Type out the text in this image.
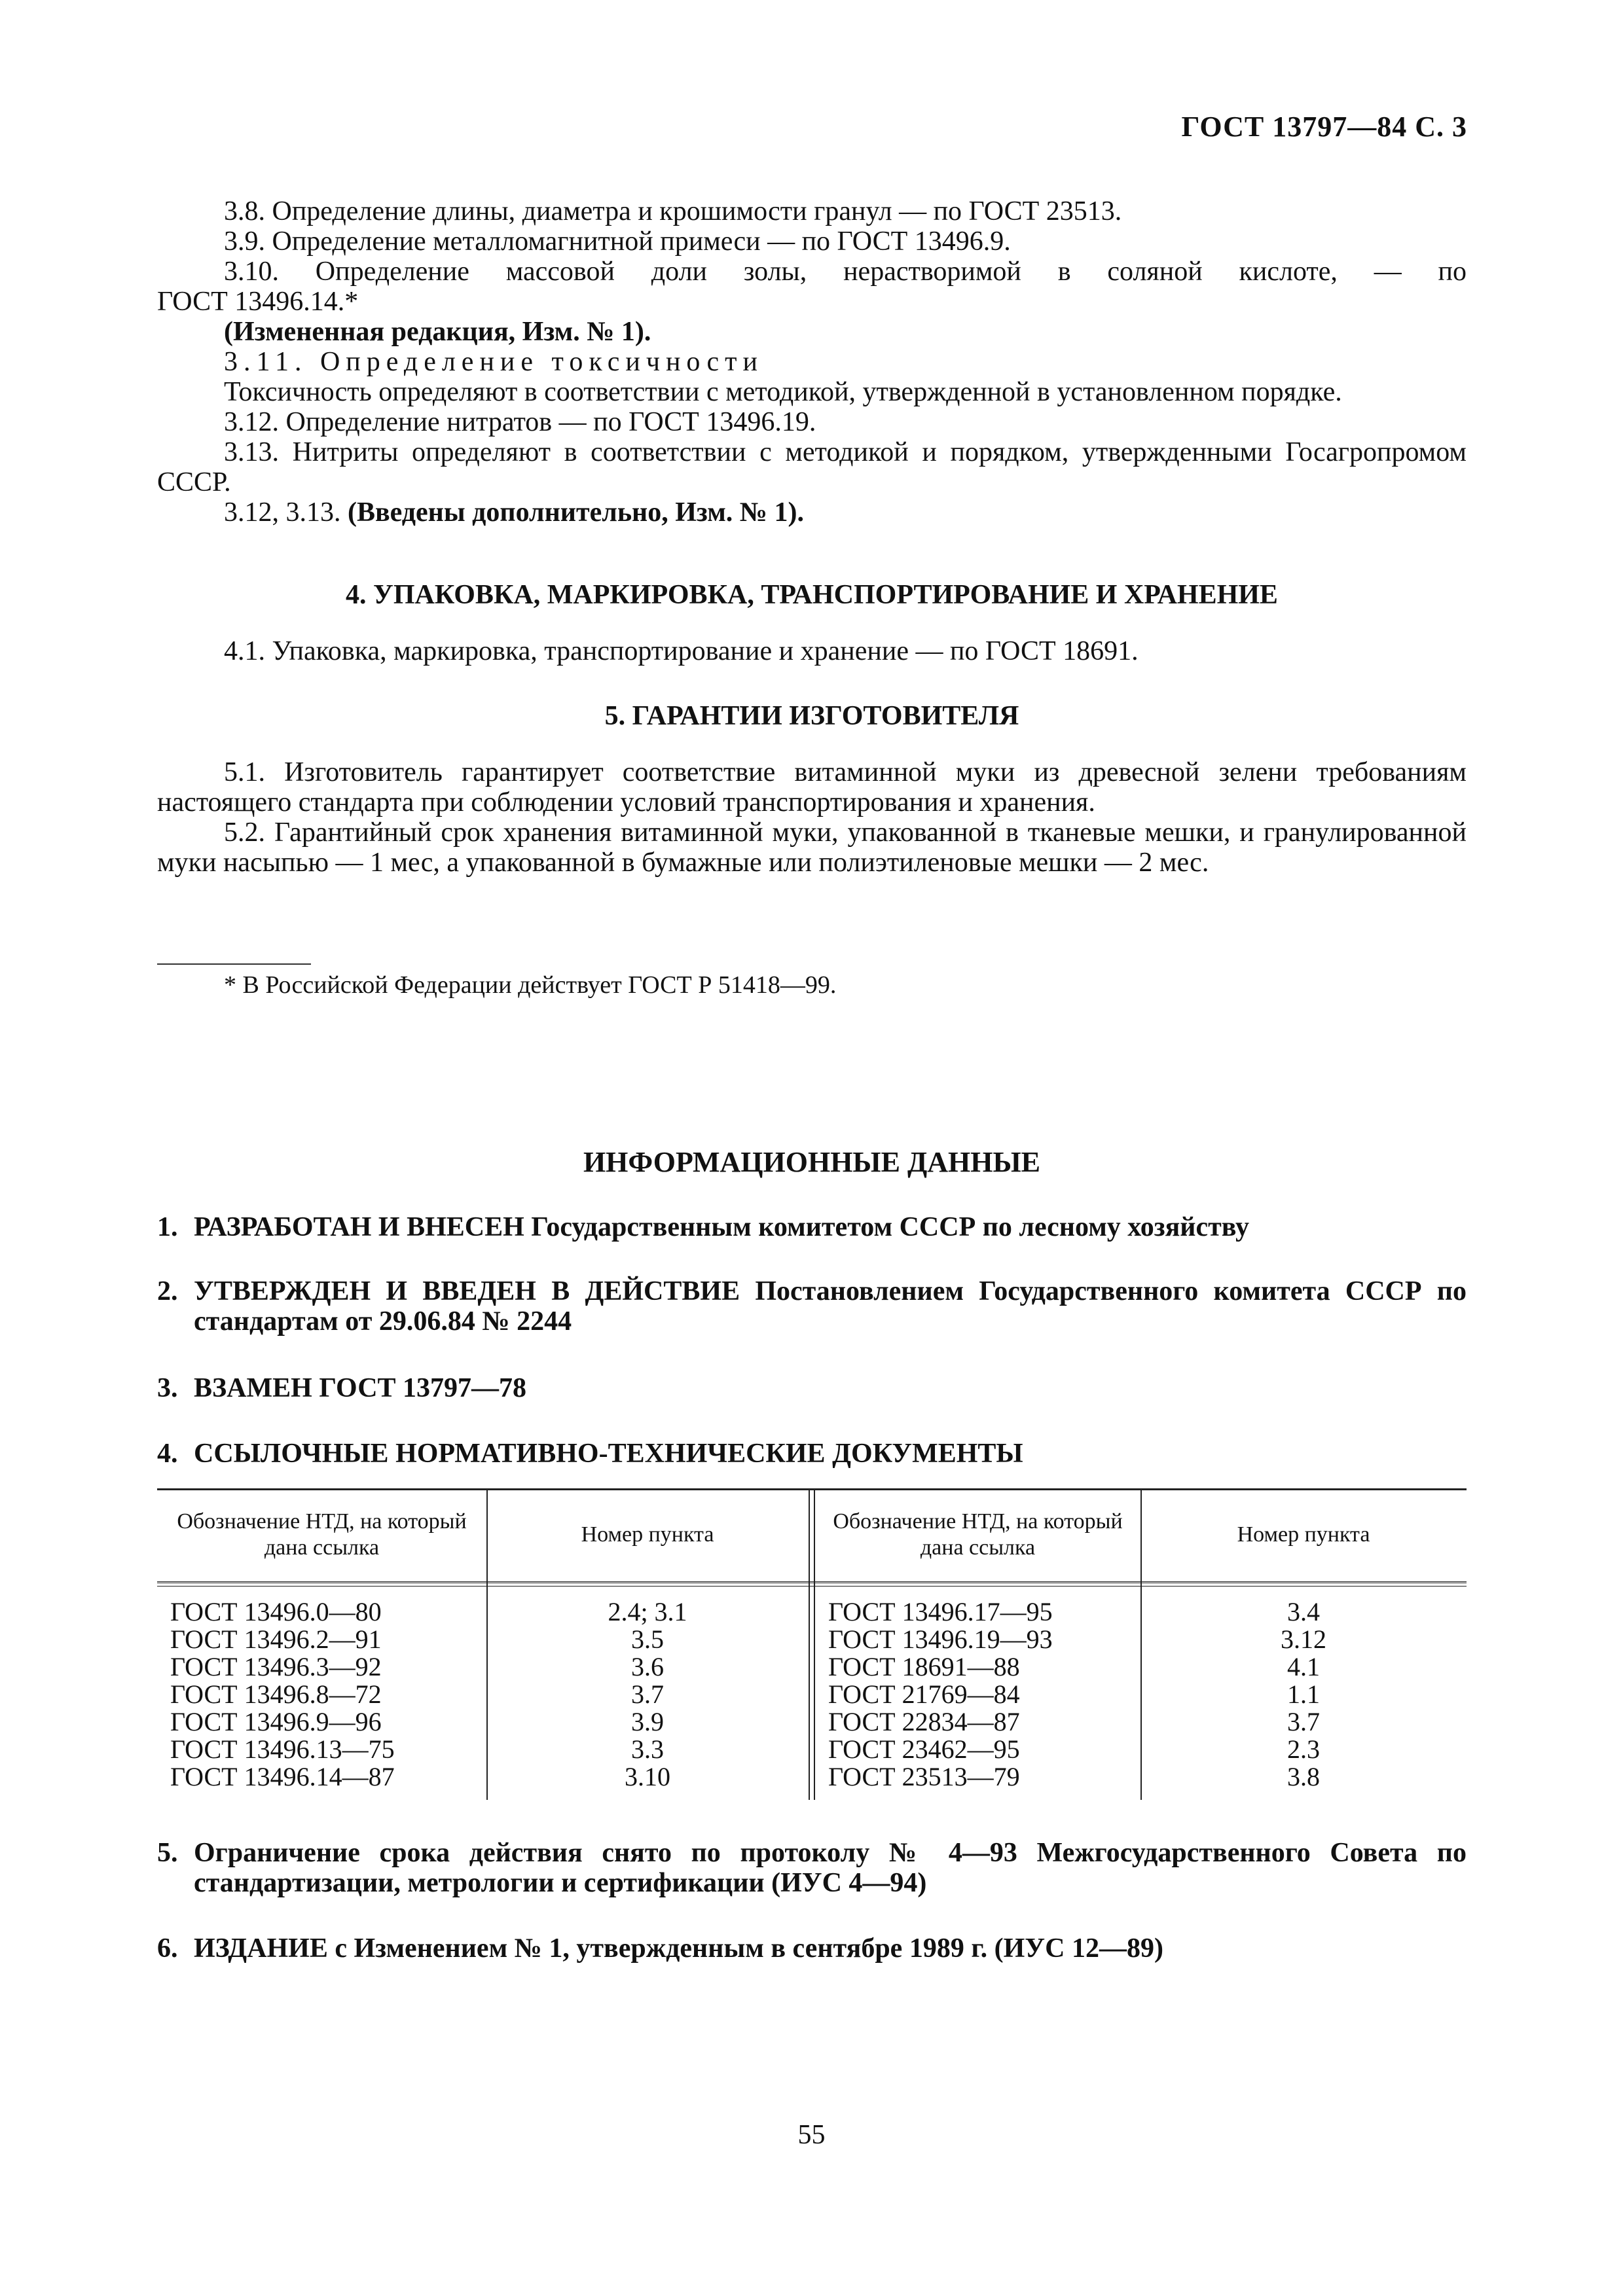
ГОСТ 13797—84 С. 3

3.8. Определение длины, диаметра и крошимости гранул — по ГОСТ 23513.

3.9. Определение металломагнитной примеси — по ГОСТ 13496.9.

3.10. Определение массовой доли золы, нерастворимой в соляной кислоте, — по

ГОСТ 13496.14.*

(Измененная редакция, Изм. № 1).

3.11. Определение токсичности

Токсичность определяют в соответствии с методикой, утвержденной в установленном порядке.

3.12. Определение нитратов — по ГОСТ 13496.19.

3.13. Нитриты определяют в соответствии с методикой и порядком, утвержденными Госагропромом СССР.

3.12, 3.13. (Введены дополнительно, Изм. № 1).

4. УПАКОВКА, МАРКИРОВКА, ТРАНСПОРТИРОВАНИЕ И ХРАНЕНИЕ

4.1. Упаковка, маркировка, транспортирование и хранение — по ГОСТ 18691.

5. ГАРАНТИИ ИЗГОТОВИТЕЛЯ

5.1. Изготовитель гарантирует соответствие витаминной муки из древесной зелени требованиям настоящего стандарта при соблюдении условий транспортирования и хранения.

5.2. Гарантийный срок хранения витаминной муки, упакованной в тканевые мешки, и гранулированной муки насыпью — 1 мес, а упакованной в бумажные или полиэтиленовые мешки — 2 мес.

* В Российской Федерации действует ГОСТ Р 51418—99.
ИНФОРМАЦИОННЫЕ ДАННЫЕ
1. РАЗРАБОТАН И ВНЕСЕН Государственным комитетом СССР по лесному хозяйству
2. УТВЕРЖДЕН И ВВЕДЕН В ДЕЙСТВИЕ Постановлением Государственного комитета СССР по стандартам от 29.06.84 № 2244
3. ВЗАМЕН ГОСТ 13797—78
4. ССЫЛОЧНЫЕ НОРМАТИВНО-ТЕХНИЧЕСКИЕ ДОКУМЕНТЫ
Обозначение НТД, на который дана ссылка
Номер пункта
Обозначение НТД, на который дана ссылка
Номер пункта
ГОСТ 13496.0—80
ГОСТ 13496.2—91
ГОСТ 13496.3—92
ГОСТ 13496.8—72
ГОСТ 13496.9—96
ГОСТ 13496.13—75
ГОСТ 13496.14—87
2.4; 3.1
3.5
3.6
3.7
3.9
3.3
3.10
ГОСТ 13496.17—95
ГОСТ 13496.19—93
ГОСТ 18691—88
ГОСТ 21769—84
ГОСТ 22834—87
ГОСТ 23462—95
ГОСТ 23513—79
3.4
3.12
4.1
1.1
3.7
2.3
3.8
5. Ограничение срока действия снято по протоколу № 4—93 Межгосударственного Совета по стандартизации, метрологии и сертификации (ИУС 4—94)
6. ИЗДАНИЕ с Изменением № 1, утвержденным в сентябре 1989 г. (ИУС 12—89)
55
